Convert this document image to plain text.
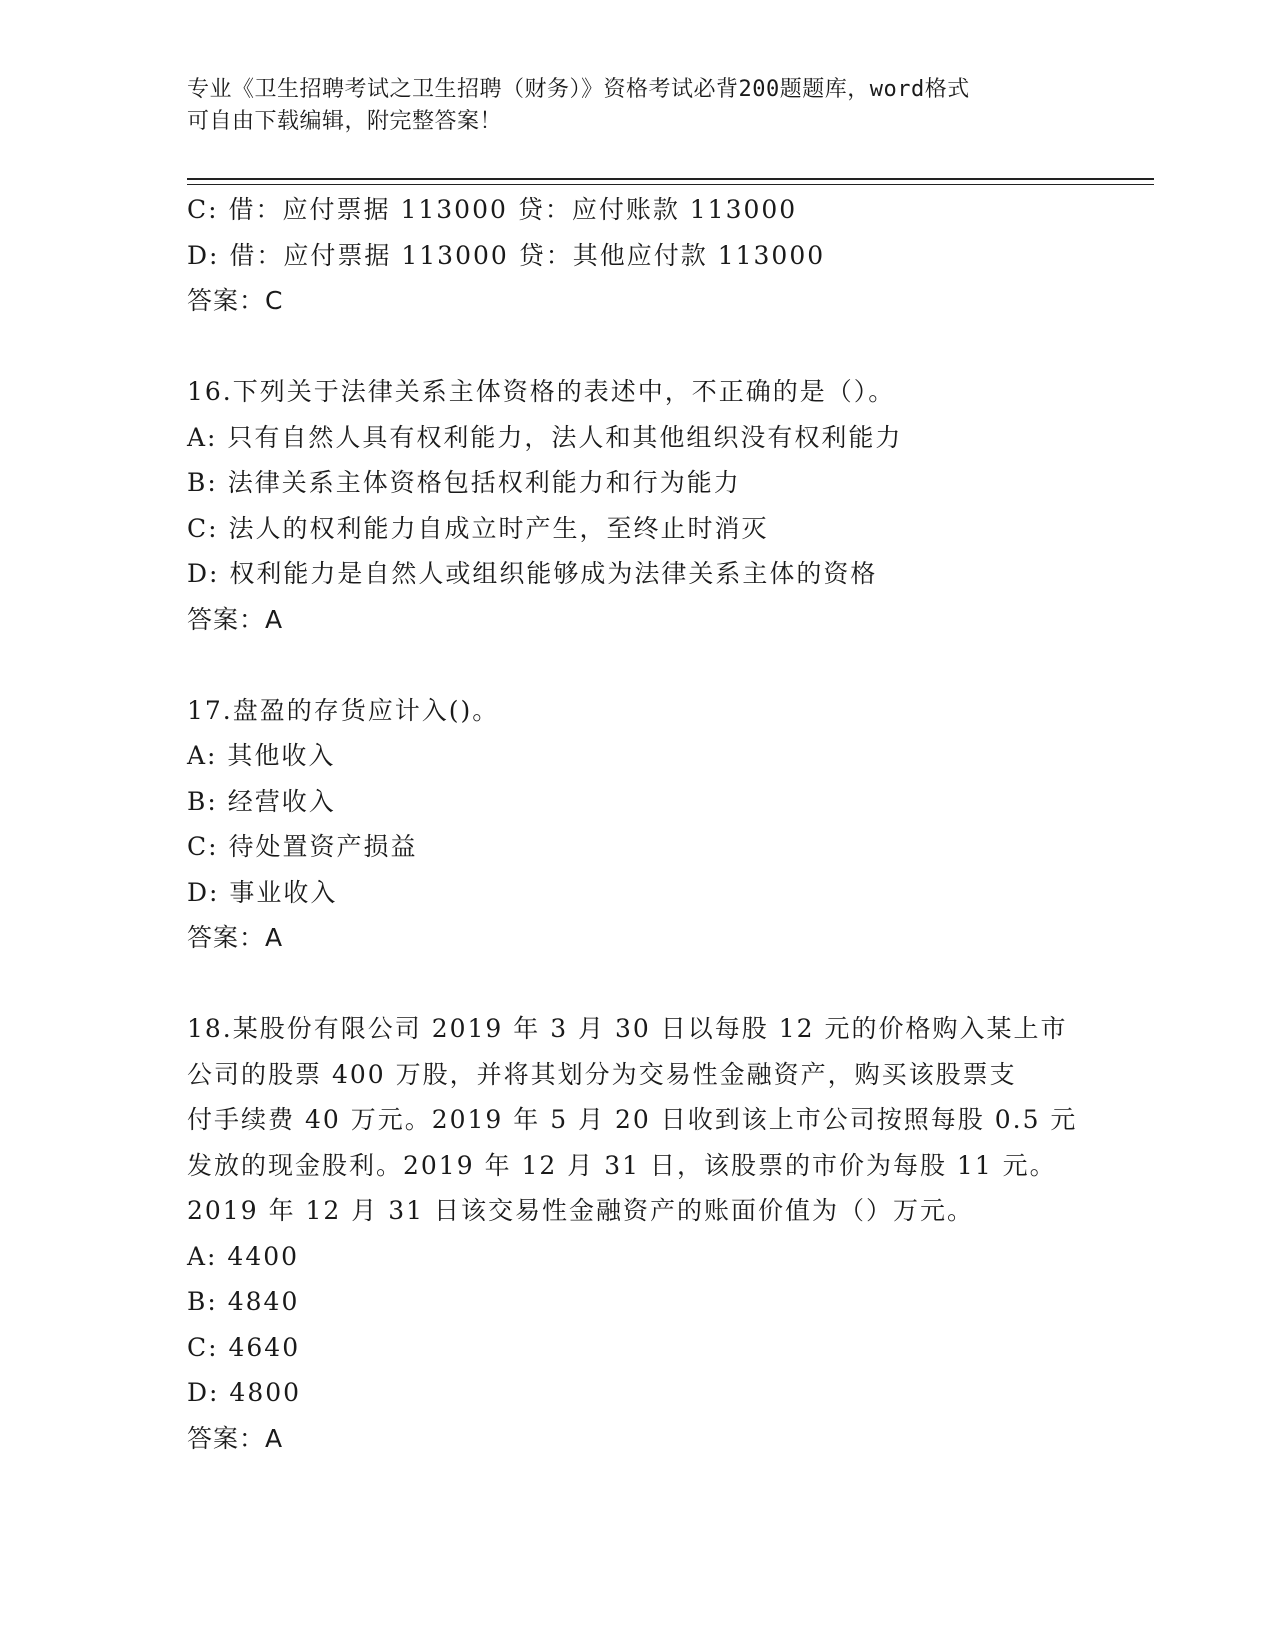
专业《卫生招聘考试之卫生招聘（财务）》资格考试必背200题题库，word格式
可自由下载编辑，附完整答案！
C: 借：应付票据 113000 贷：应付账款 113000
D: 借：应付票据 113000 贷：其他应付款 113000
答案：C
16.下列关于法律关系主体资格的表述中，不正确的是（）。
A: 只有自然人具有权利能力，法人和其他组织没有权利能力
B: 法律关系主体资格包括权利能力和行为能力
C: 法人的权利能力自成立时产生，至终止时消灭
D: 权利能力是自然人或组织能够成为法律关系主体的资格
答案：A
17.盘盈的存货应计入()。
A: 其他收入
B: 经营收入
C: 待处置资产损益
D: 事业收入
答案：A
18.某股份有限公司 2019 年 3 月 30 日以每股 12 元的价格购入某上市
公司的股票 400 万股，并将其划分为交易性金融资产，购买该股票支
付手续费 40 万元。2019 年 5 月 20 日收到该上市公司按照每股 0.5 元
发放的现金股利。2019 年 12 月 31 日，该股票的市价为每股 11 元。
2019 年 12 月 31 日该交易性金融资产的账面价值为（）万元。
A: 4400
B: 4840
C: 4640
D: 4800
答案：A
